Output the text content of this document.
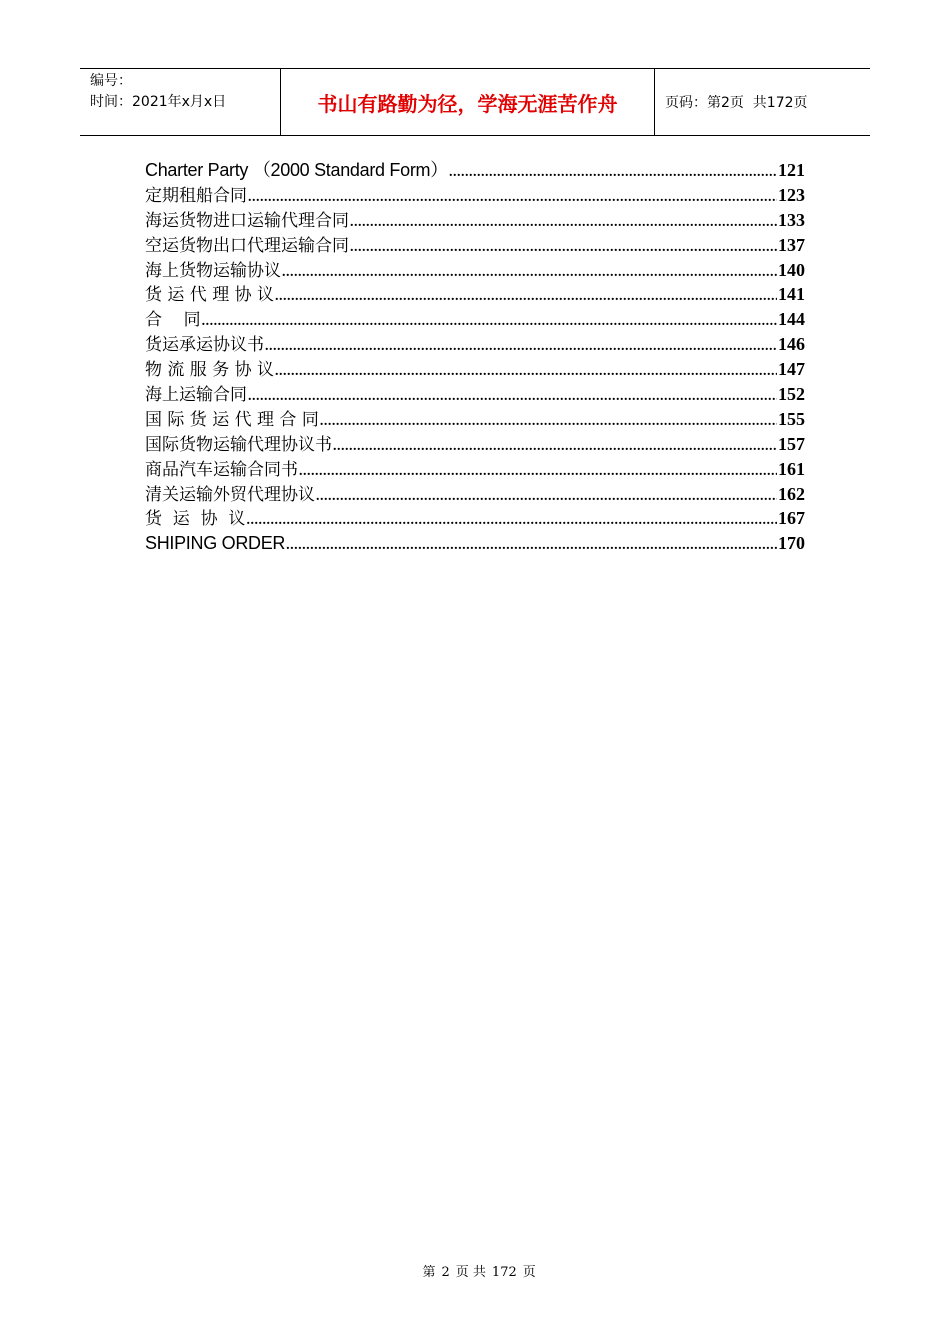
编号：
时间：2021年x月x日	书山有路勤为径，学海无涯苦作舟	页码：第2页  共172页
Charter Party （2000 Standard Form） .....	121
定期租船合同 .....	123
海运货物进口运输代理合同 .....	133
空运货物出口代理运输合同 .....	137
海上货物运输协议 .....	140
货 运 代 理 协 议 .....	141
合    同 .....	144
货运承运协议书 .....	146
物 流 服 务 协 议 .....	147
海上运输合同 .....	152
国 际 货 运 代 理 合 同 .....	155
国际货物运输代理协议书 .....	157
商品汽车运输合同书 .....	161
清关运输外贸代理协议 .....	162
货  运  协  议 .....	167
SHIPING ORDER .....	170

第 2 页 共 172 页
